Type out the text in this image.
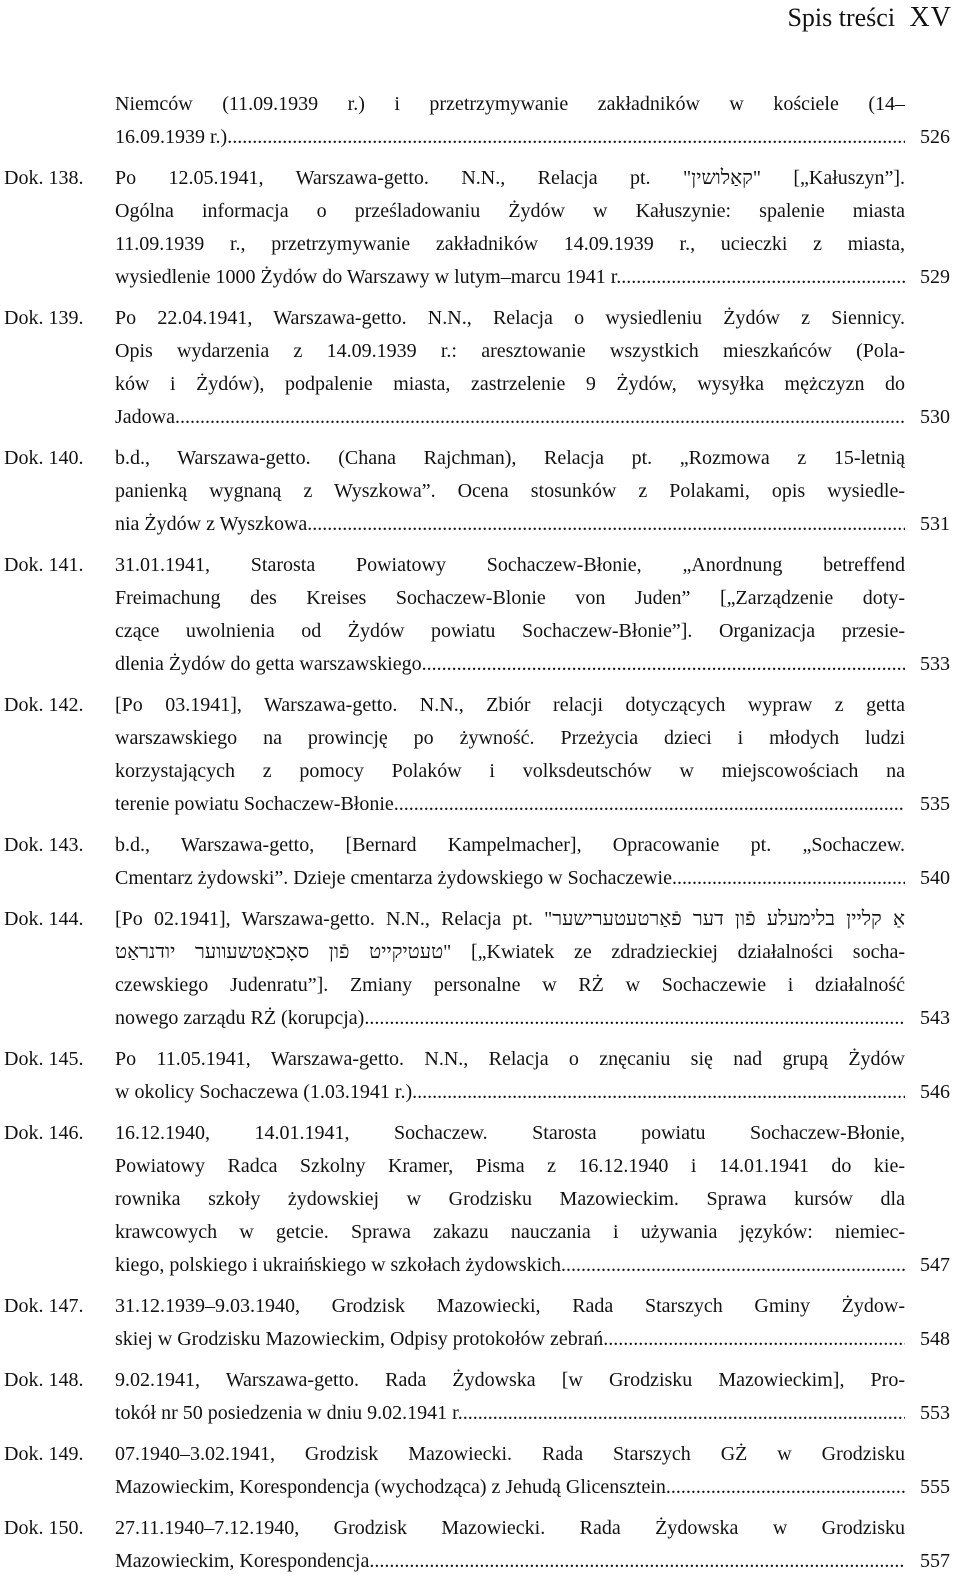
Spis treści XV
Niemców (11.09.1939 r.) i przetrzymywanie zakładników w kościele (14–
16.09.1939 r.) .....	526
Dok. 138.	Po 12.05.1941, Warszawa-getto. N.N., Relacja pt. "קאַלושין" [„Kałuszyn”].
Ogólna informacja o prześladowaniu Żydów w Kałuszynie: spalenie miasta
11.09.1939 r., przetrzymywanie zakładników 14.09.1939 r., ucieczki z miasta,
wysiedlenie 1000 Żydów do Warszawy w lutym–marcu 1941 r. .....	529
Dok. 139.	Po 22.04.1941, Warszawa-getto. N.N., Relacja o wysiedleniu Żydów z Siennicy.
Opis wydarzenia z 14.09.1939 r.: aresztowanie wszystkich mieszkańców (Pola-
ków i Żydów), podpalenie miasta, zastrzelenie 9 Żydów, wysyłka mężczyzn do
Jadowa .....	530
Dok. 140.	b.d., Warszawa-getto. (Chana Rajchman), Relacja pt. „Rozmowa z 15-letnią
panienką wygnaną z Wyszkowa”. Ocena stosunków z Polakami, opis wysiedle-
nia Żydów z Wyszkowa .....	531
Dok. 141.	31.01.1941, Starosta Powiatowy Sochaczew-Błonie, „Anordnung betreffend
Freimachung des Kreises Sochaczew-Blonie von Juden” [„Zarządzenie doty-
czące uwolnienia od Żydów powiatu Sochaczew-Błonie”]. Organizacja przesie-
dlenia Żydów do getta warszawskiego .....	533
Dok. 142.	[Po 03.1941], Warszawa-getto. N.N., Zbiór relacji dotyczących wypraw z getta
warszawskiego na prowincję po żywność. Przeżycia dzieci i młodych ludzi
korzystających z pomocy Polaków i volksdeutschów w miejscowościach na
terenie powiatu Sochaczew-Błonie .....	535
Dok. 143.	b.d., Warszawa-getto, [Bernard Kampelmacher], Opracowanie pt. „Sochaczew.
Cmentarz żydowski”. Dzieje cmentarza żydowskiego w Sochaczewie .....	540
Dok. 144.	[Po 02.1941], Warszawa-getto. N.N., Relacja pt. "אַ קליין בלימעלע פֿון דער פֿאַרטעטערישער
טעטיקייט פֿון סאָכאַטשעווער יודנראַט" [„Kwiatek ze zdradzieckiej działalności socha-
czewskiego Judenratu”]. Zmiany personalne w RŻ w Sochaczewie i działalność
nowego zarządu RŻ (korupcja) .....	543
Dok. 145.	Po 11.05.1941, Warszawa-getto. N.N., Relacja o znęcaniu się nad grupą Żydów
w okolicy Sochaczewa (1.03.1941 r.) .....	546
Dok. 146.	16.12.1940, 14.01.1941, Sochaczew. Starosta powiatu Sochaczew-Błonie,
Powiatowy Radca Szkolny Kramer, Pisma z 16.12.1940 i 14.01.1941 do kie-
rownika szkoły żydowskiej w Grodzisku Mazowieckim. Sprawa kursów dla
krawcowych w getcie. Sprawa zakazu nauczania i używania języków: niemiec-
kiego, polskiego i ukraińskiego w szkołach żydowskich .....	547
Dok. 147.	31.12.1939–9.03.1940, Grodzisk Mazowiecki, Rada Starszych Gminy Żydow-
skiej w Grodzisku Mazowieckim, Odpisy protokołów zebrań .....	548
Dok. 148.	9.02.1941, Warszawa-getto. Rada Żydowska [w Grodzisku Mazowieckim], Pro-
tokół nr 50 posiedzenia w dniu 9.02.1941 r. .....	553
Dok. 149.	07.1940–3.02.1941, Grodzisk Mazowiecki. Rada Starszych GŻ w Grodzisku
Mazowieckim, Korespondencja (wychodząca) z Jehudą Glicensztein .....	555
Dok. 150.	27.11.1940–7.12.1940, Grodzisk Mazowiecki. Rada Żydowska w Grodzisku
Mazowieckim, Korespondencja .....	557
